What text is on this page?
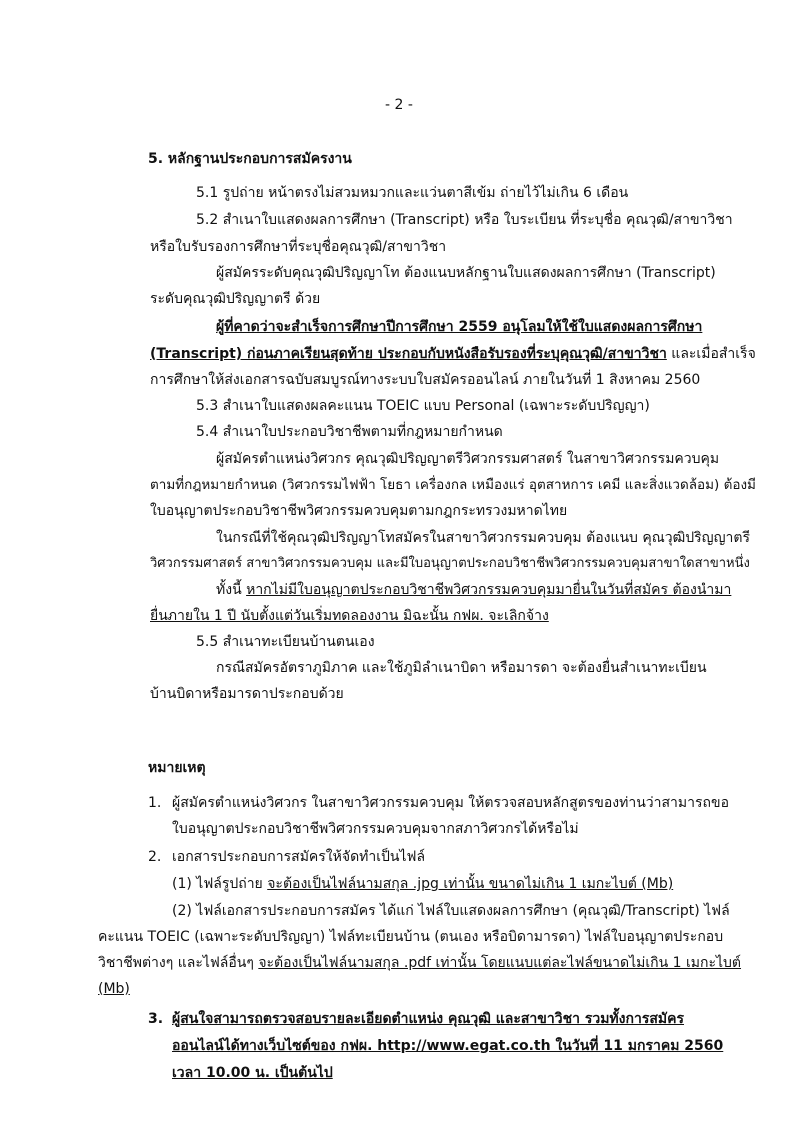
- 2 -
5. หลักฐานประกอบการสมัครงาน
5.1 รูปถ่าย หน้าตรงไม่สวมหมวกและแว่นตาสีเข้ม ถ่ายไว้ไม่เกิน 6 เดือน
5.2 สำเนาใบแสดงผลการศึกษา (Transcript) หรือ ใบระเบียน ที่ระบุชื่อ คุณวุฒิ/สาขาวิชา
หรือใบรับรองการศึกษาที่ระบุชื่อคุณวุฒิ/สาขาวิชา
ผู้สมัครระดับคุณวุฒิปริญญาโท ต้องแนบหลักฐานใบแสดงผลการศึกษา (Transcript)
ระดับคุณวุฒิปริญญาตรี ด้วย
ผู้ที่คาดว่าจะสำเร็จการศึกษาปีการศึกษา 2559 อนุโลมให้ใช้ใบแสดงผลการศึกษา
(Transcript) ก่อนภาคเรียนสุดท้าย ประกอบกับหนังสือรับรองที่ระบุคุณวุฒิ/สาขาวิชา และเมื่อสำเร็จ
การศึกษาให้ส่งเอกสารฉบับสมบูรณ์ทางระบบใบสมัครออนไลน์ ภายในวันที่ 1 สิงหาคม 2560
5.3 สำเนาใบแสดงผลคะแนน TOEIC แบบ Personal (เฉพาะระดับปริญญา)
5.4 สำเนาใบประกอบวิชาชีพตามที่กฎหมายกำหนด
ผู้สมัครตำแหน่งวิศวกร คุณวุฒิปริญญาตรีวิศวกรรมศาสตร์ ในสาขาวิศวกรรมควบคุม
ตามที่กฎหมายกำหนด (วิศวกรรมไฟฟ้า โยธา เครื่องกล เหมืองแร่ อุตสาหการ เคมี และสิ่งแวดล้อม) ต้องมี
ใบอนุญาตประกอบวิชาชีพวิศวกรรมควบคุมตามกฎกระทรวงมหาดไทย
ในกรณีที่ใช้คุณวุฒิปริญญาโทสมัครในสาขาวิศวกรรมควบคุม ต้องแนบ คุณวุฒิปริญญาตรี
วิศวกรรมศาสตร์ สาขาวิศวกรรมควบคุม และมีใบอนุญาตประกอบวิชาชีพวิศวกรรมควบคุมสาขาใดสาขาหนึ่ง
ทั้งนี้ หากไม่มีใบอนุญาตประกอบวิชาชีพวิศวกรรมควบคุมมายื่นในวันที่สมัคร ต้องนำมา
ยื่นภายใน 1 ปี นับตั้งแต่วันเริ่มทดลองงาน มิฉะนั้น กฟผ. จะเลิกจ้าง
5.5 สำเนาทะเบียนบ้านตนเอง
กรณีสมัครอัตราภูมิภาค และใช้ภูมิลำเนาบิดา หรือมารดา จะต้องยื่นสำเนาทะเบียน
บ้านบิดาหรือมารดาประกอบด้วย
หมายเหตุ
1. ผู้สมัครตำแหน่งวิศวกร ในสาขาวิศวกรรมควบคุม ให้ตรวจสอบหลักสูตรของท่านว่าสามารถขอ
ใบอนุญาตประกอบวิชาชีพวิศวกรรมควบคุมจากสภาวิศวกรได้หรือไม่
2. เอกสารประกอบการสมัครให้จัดทำเป็นไฟล์
(1) ไฟล์รูปถ่าย จะต้องเป็นไฟล์นามสกุล .jpg เท่านั้น ขนาดไม่เกิน 1 เมกะไบต์ (Mb)
(2) ไฟล์เอกสารประกอบการสมัคร ได้แก่ ไฟล์ใบแสดงผลการศึกษา (คุณวุฒิ/Transcript) ไฟล์
คะแนน TOEIC (เฉพาะระดับปริญญา) ไฟล์ทะเบียนบ้าน (ตนเอง หรือบิดามารดา) ไฟล์ใบอนุญาตประกอบ
วิชาชีพต่างๆ และไฟล์อื่นๆ จะต้องเป็นไฟล์นามสกุล .pdf เท่านั้น โดยแนบแต่ละไฟล์ขนาดไม่เกิน 1 เมกะไบต์
(Mb)
3. ผู้สนใจสามารถตรวจสอบรายละเอียดตำแหน่ง คุณวุฒิ และสาขาวิชา รวมทั้งการสมัคร
ออนไลน์ได้ทางเว็บไซต์ของ กฟผ. http://www.egat.co.th ในวันที่ 11 มกราคม 2560
เวลา 10.00 น. เป็นต้นไป
